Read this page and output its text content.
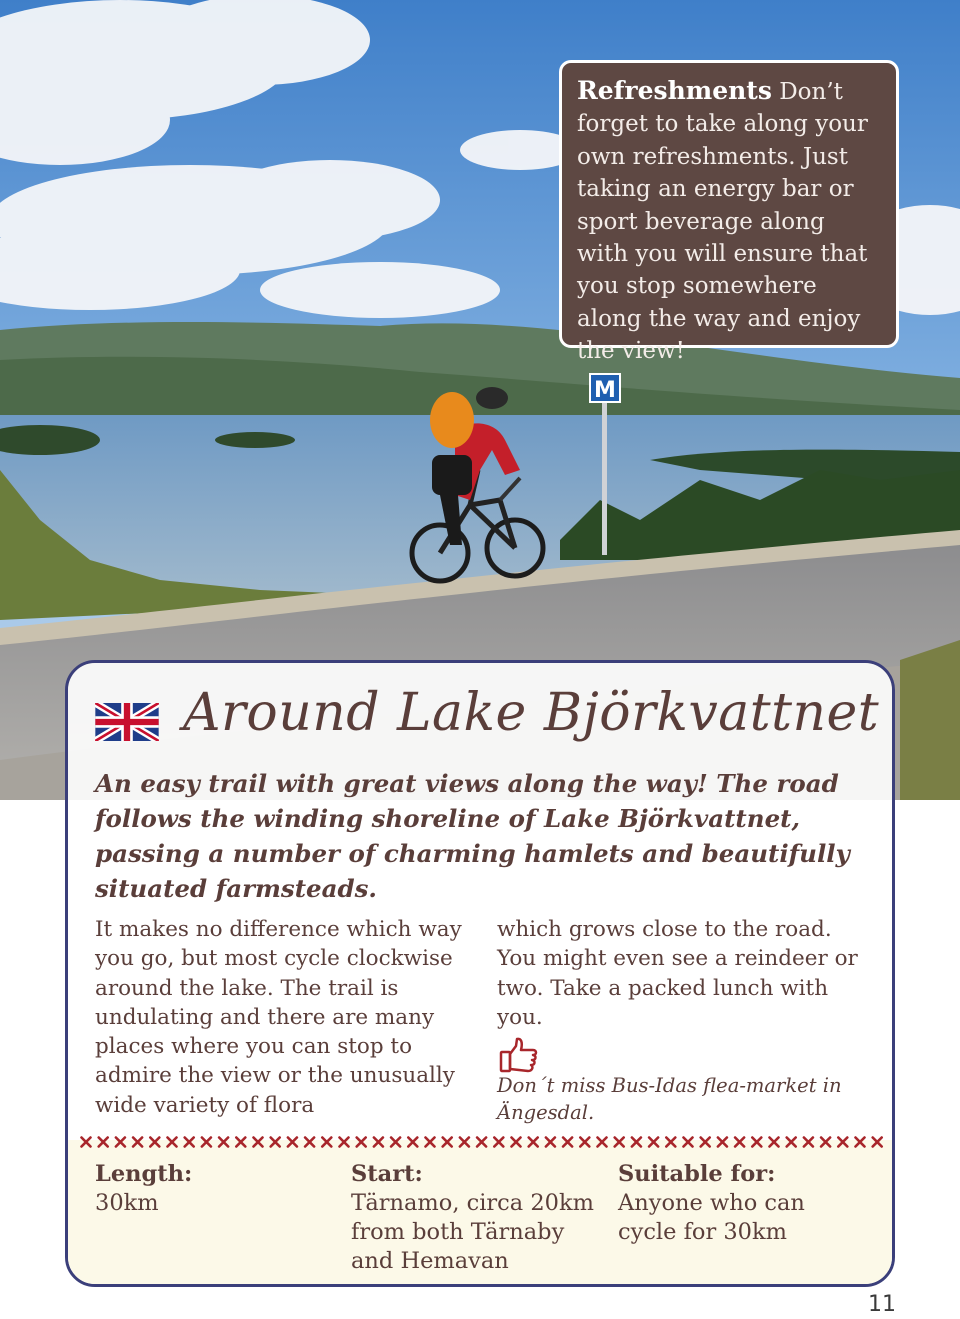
M
Refreshments Don’t forget to take along your own refreshments. Just taking an energy bar or sport beverage along with you will ensure that you stop somewhere along the way and enjoy the view!
Around Lake Björkvattnet
An easy trail with great views along the way! The road follows the winding shoreline of Lake Björkvattnet, passing a number of charming hamlets and beautifully situated farmsteads.
It makes no difference which way you go, but most cycle clockwise around the lake. The trail is undulating and there are many places where you can stop to admire the view or the unusually wide variety of flora
which grows close to the road. You might even see a reindeer or two. Take a packed lunch with you.
Don´t miss Bus-Idas flea-market in Ängesdal.
Length:
30km
Start:
Tärnamo, circa 20km from both Tärnaby and Hemavan
Suitable for:
Anyone who can cycle for 30km
11
